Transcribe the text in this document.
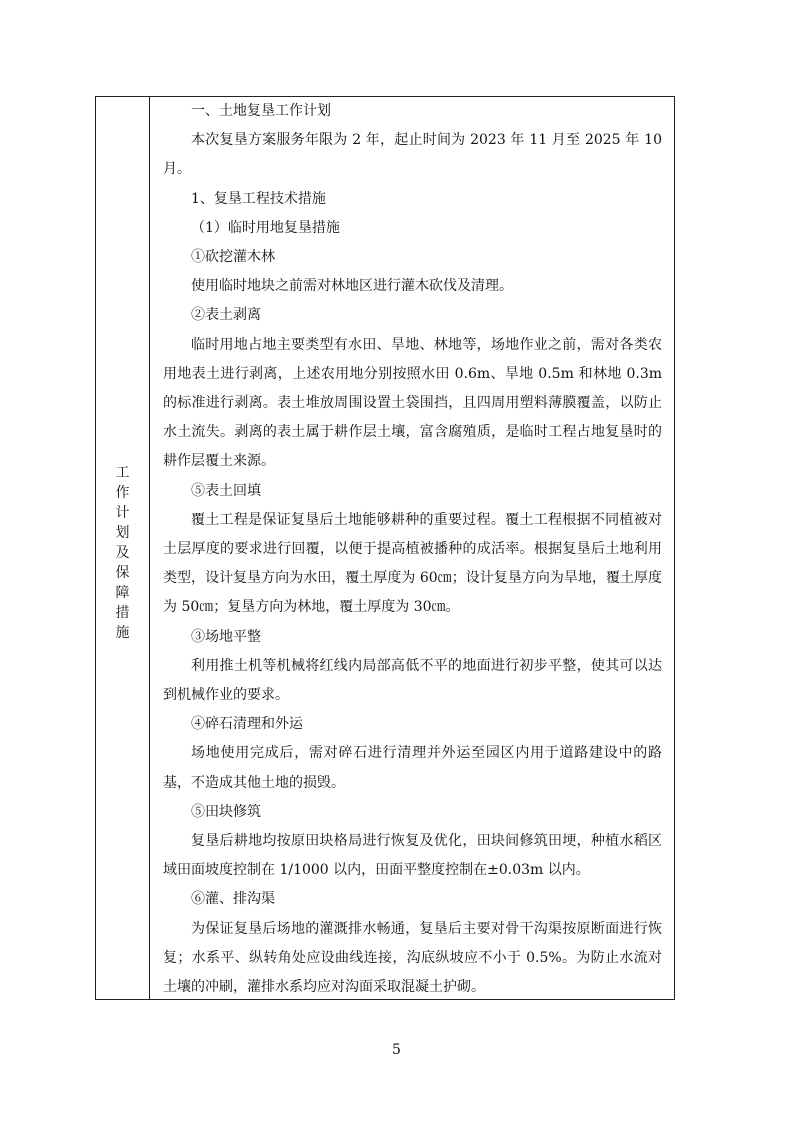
工作计划及保障措施

一、土地复垦工作计划

本次复垦方案服务年限为 2 年，起止时间为 2023 年 11 月至 2025 年 10 月。

1、复垦工程技术措施

（1）临时用地复垦措施

①砍挖灌木林

使用临时地块之前需对林地区进行灌木砍伐及清理。

②表土剥离

临时用地占地主要类型有水田、旱地、林地等，场地作业之前，需对各类农用地表土进行剥离，上述农用地分别按照水田 0.6m、旱地 0.5m 和林地 0.3m 的标准进行剥离。表土堆放周围设置土袋围挡，且四周用塑料薄膜覆盖，以防止水土流失。剥离的表土属于耕作层土壤，富含腐殖质，是临时工程占地复垦时的耕作层覆土来源。

⑤表土回填

覆土工程是保证复垦后土地能够耕种的重要过程。覆土工程根据不同植被对土层厚度的要求进行回覆，以便于提高植被播种的成活率。根据复垦后土地利用类型，设计复垦方向为水田，覆土厚度为 60㎝；设计复垦方向为旱地，覆土厚度为 50㎝；复垦方向为林地，覆土厚度为 30㎝。

③场地平整

利用推土机等机械将红线内局部高低不平的地面进行初步平整，使其可以达到机械作业的要求。

④碎石清理和外运

场地使用完成后，需对碎石进行清理并外运至园区内用于道路建设中的路基，不造成其他土地的损毁。

⑤田块修筑

复垦后耕地均按原田块格局进行恢复及优化，田块间修筑田埂，种植水稻区域田面坡度控制在 1/1000 以内，田面平整度控制在±0.03m 以内。

⑥灌、排沟渠

为保证复垦后场地的灌溉排水畅通，复垦后主要对骨干沟渠按原断面进行恢复；水系平、纵转角处应设曲线连接，沟底纵坡应不小于 0.5%。为防止水流对土壤的冲刷，灌排水系均应对沟面采取混凝土护砌。

5
